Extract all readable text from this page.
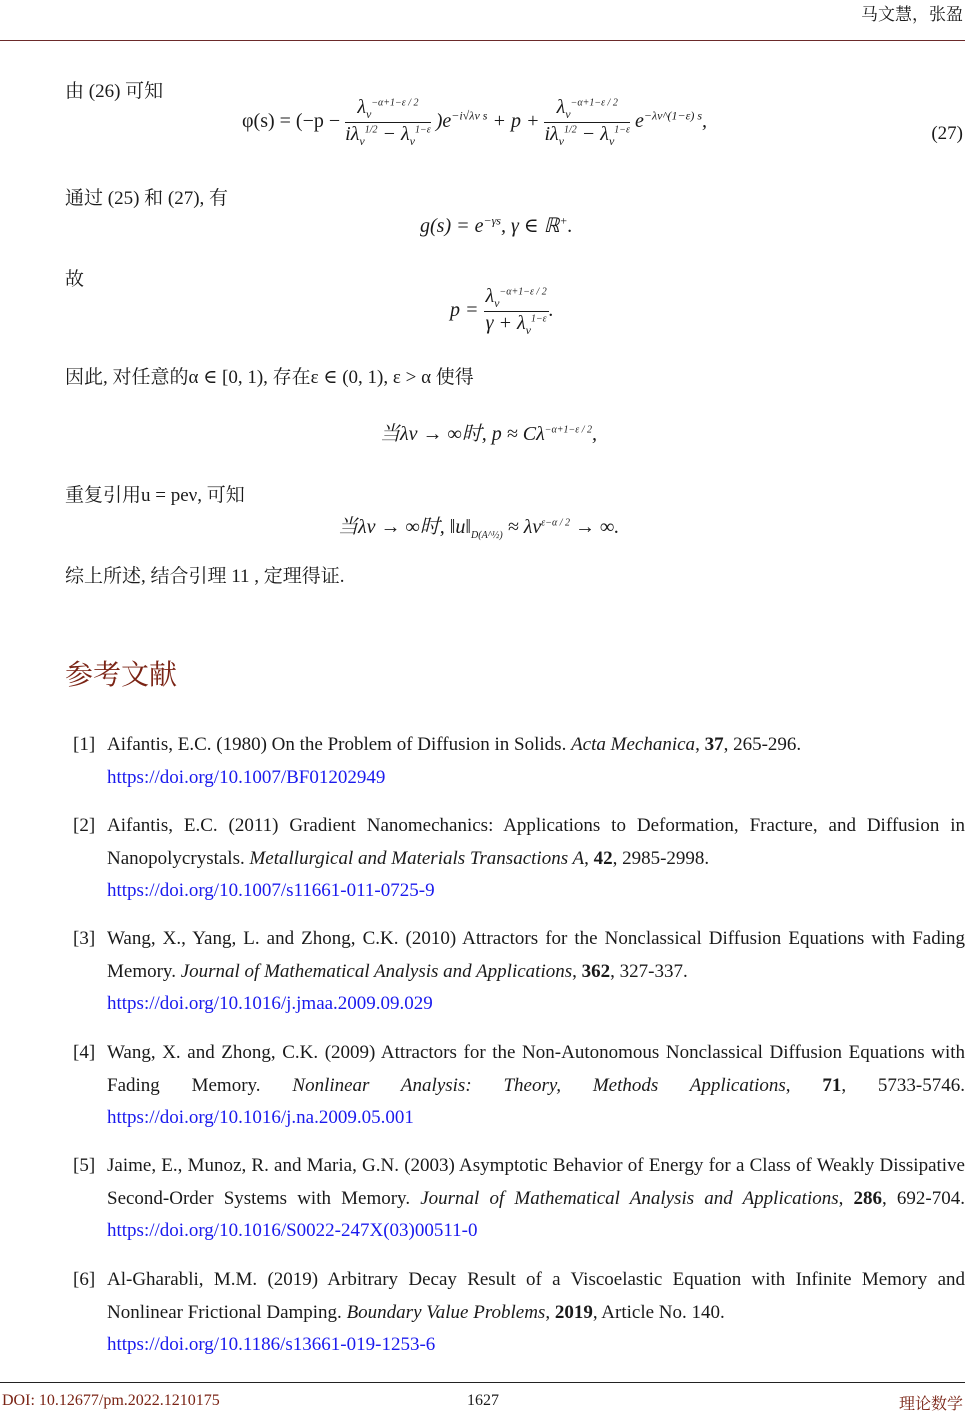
马文慧，张盈
由 (26) 可知
$\varphi(s) = (-p - \frac{\lambda_\nu^{-\alpha+1-\varepsilon / 2}}{i\lambda_\nu^{1/2} - \lambda_\nu^{1-\varepsilon}} )e^{-i√\lambda\nu s} + p + \frac{\lambda_\nu^{-\alpha+1-\varepsilon / 2}}{i\lambda_\nu^{1/2} - \lambda_\nu^{1-\varepsilon}} e^{-\lambda\nu\^{}(1-\varepsilon) s}$,
(27)
通过 (25) 和 (27), 有
$g(s) = e^{-\gamma s}$, γ ∈ ℝ+.
故
$p = \frac{\lambda_\nu^{-\alpha+1-\varepsilon / 2}}{\gamma + \lambda_\nu^{1-\varepsilon}}$ .
因此, 对任意的α ∈ [0, 1), 存在ε ∈ (0, 1), ε > α 使得
当λν → ∞时, $p \approx C\lambda^{-\alpha+1-\varepsilon / 2}$,
重复引用u = peν, 可知
当λν → ∞时, $‖u‖_{D(A\^{}\frac{1}{2})} \approx \lambda\nu^{\varepsilon-\alpha / 2}$ → ∞.
综上所述, 结合引理 11 , 定理得证.
参考文献
[1] Aifantis, E.C. (1980) On the Problem of Diffusion in Solids. Acta Mechanica, 37, 265-296.
https://doi.org/10.1007/BF01202949
[2] Aifantis, E.C. (2011) Gradient Nanomechanics: Applications to Deformation, Fracture, and Diffusion in Nanopolycrystals. Metallurgical and Materials Transactions A, 42, 2985-2998.
https://doi.org/10.1007/s11661-011-0725-9
[3] Wang, X., Yang, L. and Zhong, C.K. (2010) Attractors for the Nonclassical Diffusion Equations with Fading Memory. Journal of Mathematical Analysis and Applications, 362, 327-337.
https://doi.org/10.1016/j.jmaa.2009.09.029
[4] Wang, X. and Zhong, C.K. (2009) Attractors for the Non-Autonomous Nonclassical Diffusion Equations with Fading Memory. Nonlinear Analysis: Theory, Methods Applications, 71, 5733-5746. https://doi.org/10.1016/j.na.2009.05.001
[5] Jaime, E., Munoz, R. and Maria, G.N. (2003) Asymptotic Behavior of Energy for a Class of Weakly Dissipative Second-Order Systems with Memory. Journal of Mathematical Analysis and Applications, 286, 692-704. https://doi.org/10.1016/S0022-247X(03)00511-0
[6] Al-Gharabli, M.M. (2019) Arbitrary Decay Result of a Viscoelastic Equation with Infinite Memory and Nonlinear Frictional Damping. Boundary Value Problems, 2019, Article No. 140.
https://doi.org/10.1186/s13661-019-1253-6
DOI: 10.12677/pm.2022.1210175	1627	理论数学
